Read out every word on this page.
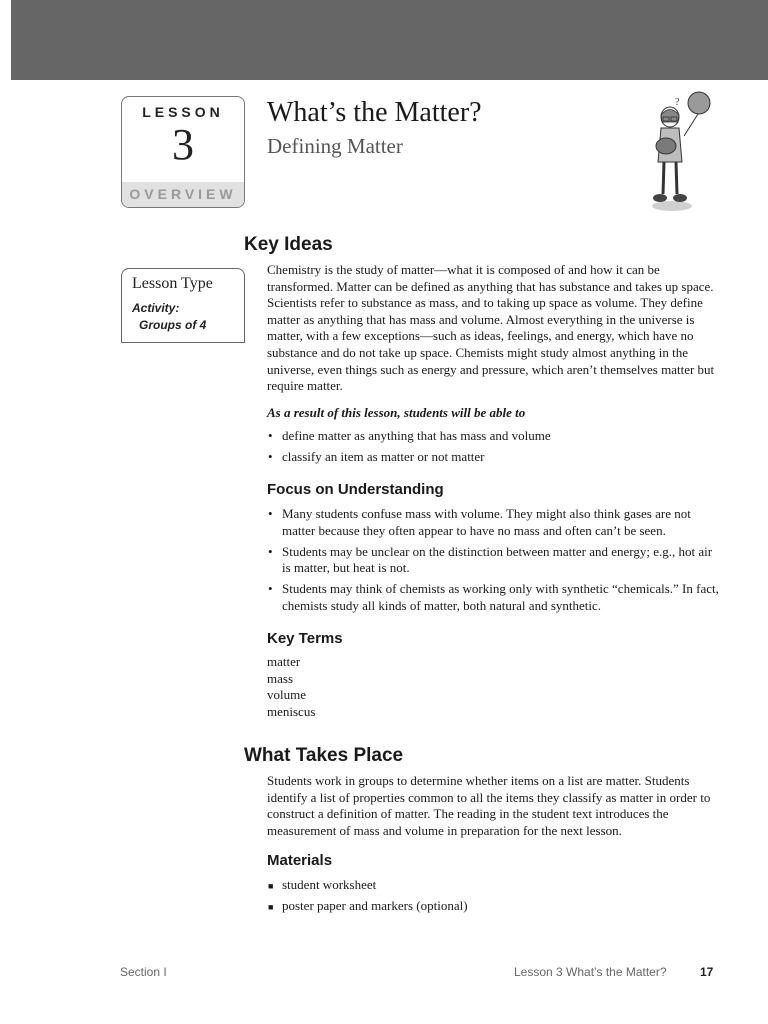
LESSON
3
OVERVIEW
What’s the Matter?
Defining Matter
?
Key Ideas
Lesson Type
Activity:
Groups of 4

Chemistry is the study of matter—what it is composed of and how it can be transformed. Matter can be defined as anything that has substance and takes up space. Scientists refer to substance as mass, and to taking up space as volume. They define matter as anything that has mass and volume. Almost everything in the universe is matter, with a few exceptions—such as ideas, feelings, and energy, which have no substance and do not take up space. Chemists might study almost anything in the universe, even things such as energy and pressure, which aren’t themselves matter but require matter.

As a result of this lesson, students will be able to
• define matter as anything that has mass and volume
• classify an item as matter or not matter
Focus on Understanding
• Many students confuse mass with volume. They might also think gases are not matter because they often appear to have no mass and often can’t be seen.
• Students may be unclear on the distinction between matter and energy; e.g., hot air is matter, but heat is not.
• Students may think of chemists as working only with synthetic “chemicals.” In fact, chemists study all kinds of matter, both natural and synthetic.
Key Terms
matter
mass
volume
meniscus
What Takes Place

Students work in groups to determine whether items on a list are matter. Students identify a list of properties common to all the items they classify as matter in order to construct a definition of matter. The reading in the student text introduces the measurement of mass and volume in preparation for the next lesson.

Materials
■ student worksheet
■ poster paper and markers (optional)
Section I	Lesson 3 What’s the Matter?	17
